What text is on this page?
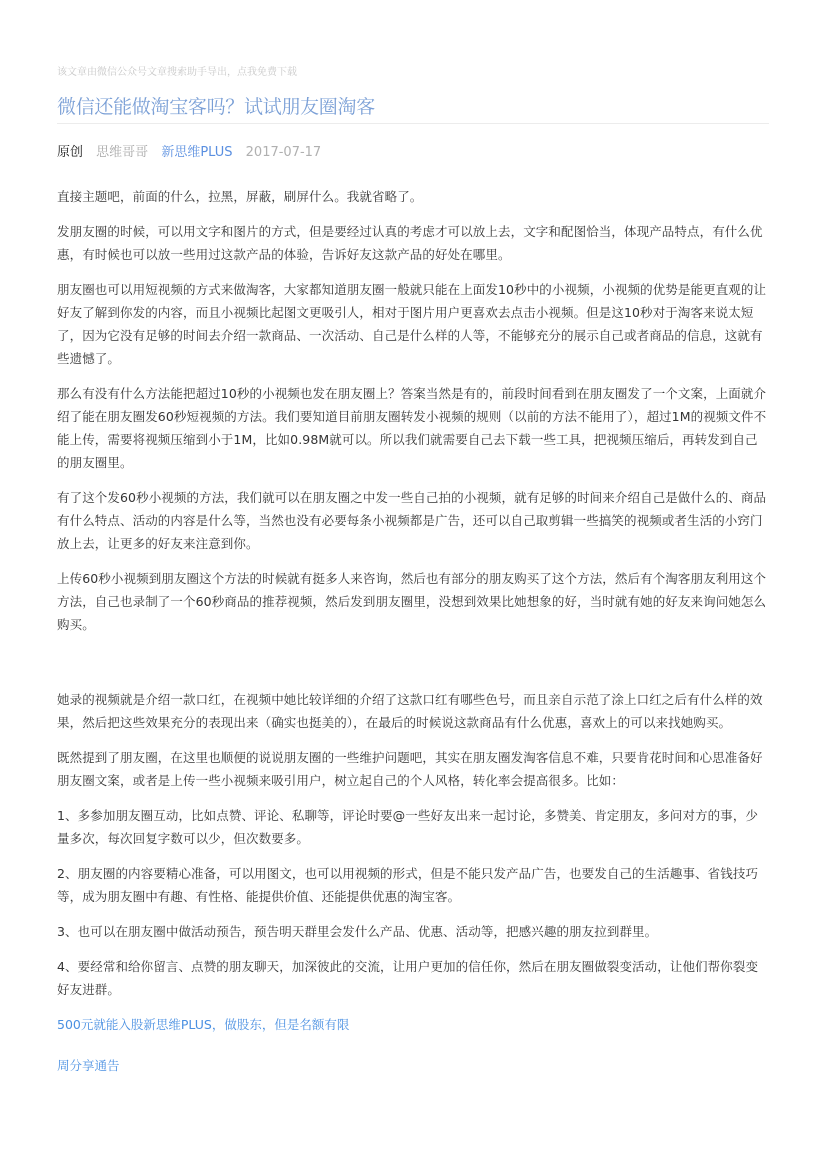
该文章由微信公众号文章搜索助手导出，点我免费下载
微信还能做淘宝客吗？试试朋友圈淘客
原创 思维哥哥 新思维PLUS 2017-07-17

直接主题吧，前面的什么，拉黑，屏蔽，刷屏什么。我就省略了。

发朋友圈的时候，可以用文字和图片的方式，但是要经过认真的考虑才可以放上去，文字和配图恰当，体现产品特点，有什么优惠，有时候也可以放一些用过这款产品的体验，告诉好友这款产品的好处在哪里。

朋友圈也可以用短视频的方式来做淘客，大家都知道朋友圈一般就只能在上面发10秒中的小视频，小视频的优势是能更直观的让好友了解到你发的内容，而且小视频比起图文更吸引人，相对于图片用户更喜欢去点击小视频。但是这10秒对于淘客来说太短了，因为它没有足够的时间去介绍一款商品、一次活动、自己是什么样的人等，不能够充分的展示自己或者商品的信息，这就有些遗憾了。

那么有没有什么方法能把超过10秒的小视频也发在朋友圈上？答案当然是有的，前段时间看到在朋友圈发了一个文案，上面就介绍了能在朋友圈发60秒短视频的方法。我们要知道目前朋友圈转发小视频的规则（以前的方法不能用了），超过1M的视频文件不能上传，需要将视频压缩到小于1M，比如0.98M就可以。所以我们就需要自己去下载一些工具，把视频压缩后，再转发到自己的朋友圈里。

有了这个发60秒小视频的方法，我们就可以在朋友圈之中发一些自己拍的小视频，就有足够的时间来介绍自己是做什么的、商品有什么特点、活动的内容是什么等，当然也没有必要每条小视频都是广告，还可以自己取剪辑一些搞笑的视频或者生活的小窍门放上去，让更多的好友来注意到你。

上传60秒小视频到朋友圈这个方法的时候就有挺多人来咨询，然后也有部分的朋友购买了这个方法，然后有个淘客朋友利用这个方法，自己也录制了一个60秒商品的推荐视频，然后发到朋友圈里，没想到效果比她想象的好，当时就有她的好友来询问她怎么购买。

她录的视频就是介绍一款口红，在视频中她比较详细的介绍了这款口红有哪些色号，而且亲自示范了涂上口红之后有什么样的效果，然后把这些效果充分的表现出来（确实也挺美的），在最后的时候说这款商品有什么优惠，喜欢上的可以来找她购买。

既然提到了朋友圈，在这里也顺便的说说朋友圈的一些维护问题吧，其实在朋友圈发淘客信息不难，只要肯花时间和心思准备好朋友圈文案，或者是上传一些小视频来吸引用户，树立起自己的个人风格，转化率会提高很多。比如：

1、多参加朋友圈互动，比如点赞、评论、私聊等，评论时要@一些好友出来一起讨论，多赞美、肯定朋友，多问对方的事，少量多次，每次回复字数可以少，但次数要多。

2、朋友圈的内容要精心准备，可以用图文，也可以用视频的形式，但是不能只发产品广告，也要发自己的生活趣事、省钱技巧等，成为朋友圈中有趣、有性格、能提供价值、还能提供优惠的淘宝客。

3、也可以在朋友圈中做活动预告，预告明天群里会发什么产品、优惠、活动等，把感兴趣的朋友拉到群里。

4、要经常和给你留言、点赞的朋友聊天，加深彼此的交流，让用户更加的信任你，然后在朋友圈做裂变活动，让他们帮你裂变好友进群。

500元就能入股新思维PLUS，做股东，但是名额有限

周分享通告
